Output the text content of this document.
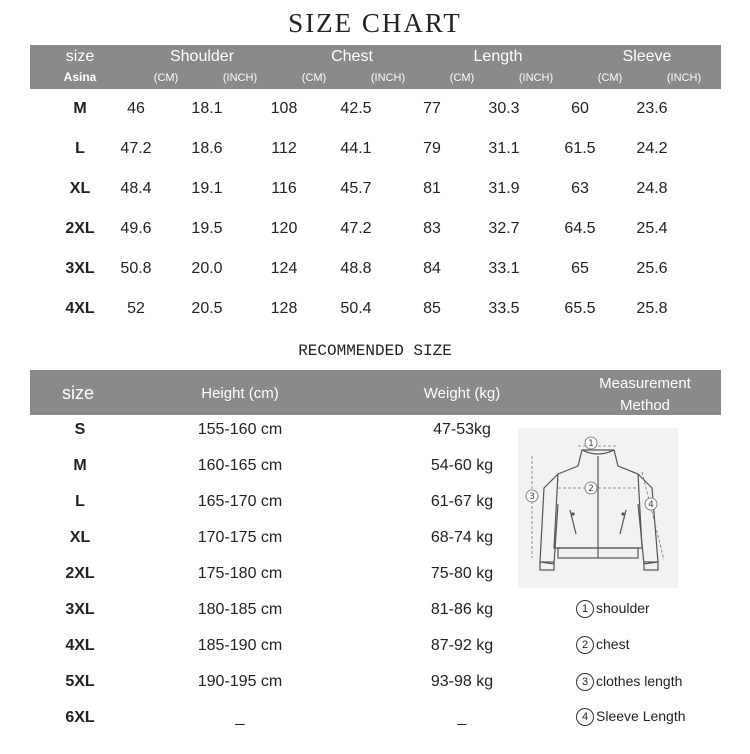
SIZE CHART
size
Asina
Shoulder	Chest	Length	Sleeve
(CM)	(INCH)	(CM)	(INCH)	(CM)	(INCH)	(CM)	(INCH)
M	46	18.1	108	42.5	77	30.3	60	23.6
L	47.2	18.6	112	44.1	79	31.1	61.5	24.2
XL	48.4	19.1	116	45.7	81	31.9	63	24.8
2XL	49.6	19.5	120	47.2	83	32.7	64.5	25.4
3XL	50.8	20.0	124	48.8	84	33.1	65	25.6
4XL	52	20.5	128	50.4	85	33.5	65.5	25.8
RECOMMENDED SIZE
size	Height (cm)	Weight (kg)
Measurement
Method
S	155-160 cm	47-53kg
M	160-165 cm	54-60 kg
L	165-170 cm	61-67 kg
XL	170-175 cm	68-74 kg
2XL	175-180 cm	75-80 kg
3XL	180-185 cm	81-86 kg
4XL	185-190 cm	87-92 kg
5XL	190-195 cm	93-98 kg
6XL	_	_
1
2
3
4
1 shoulder
2 chest
3 clothes length
4 Sleeve Length
